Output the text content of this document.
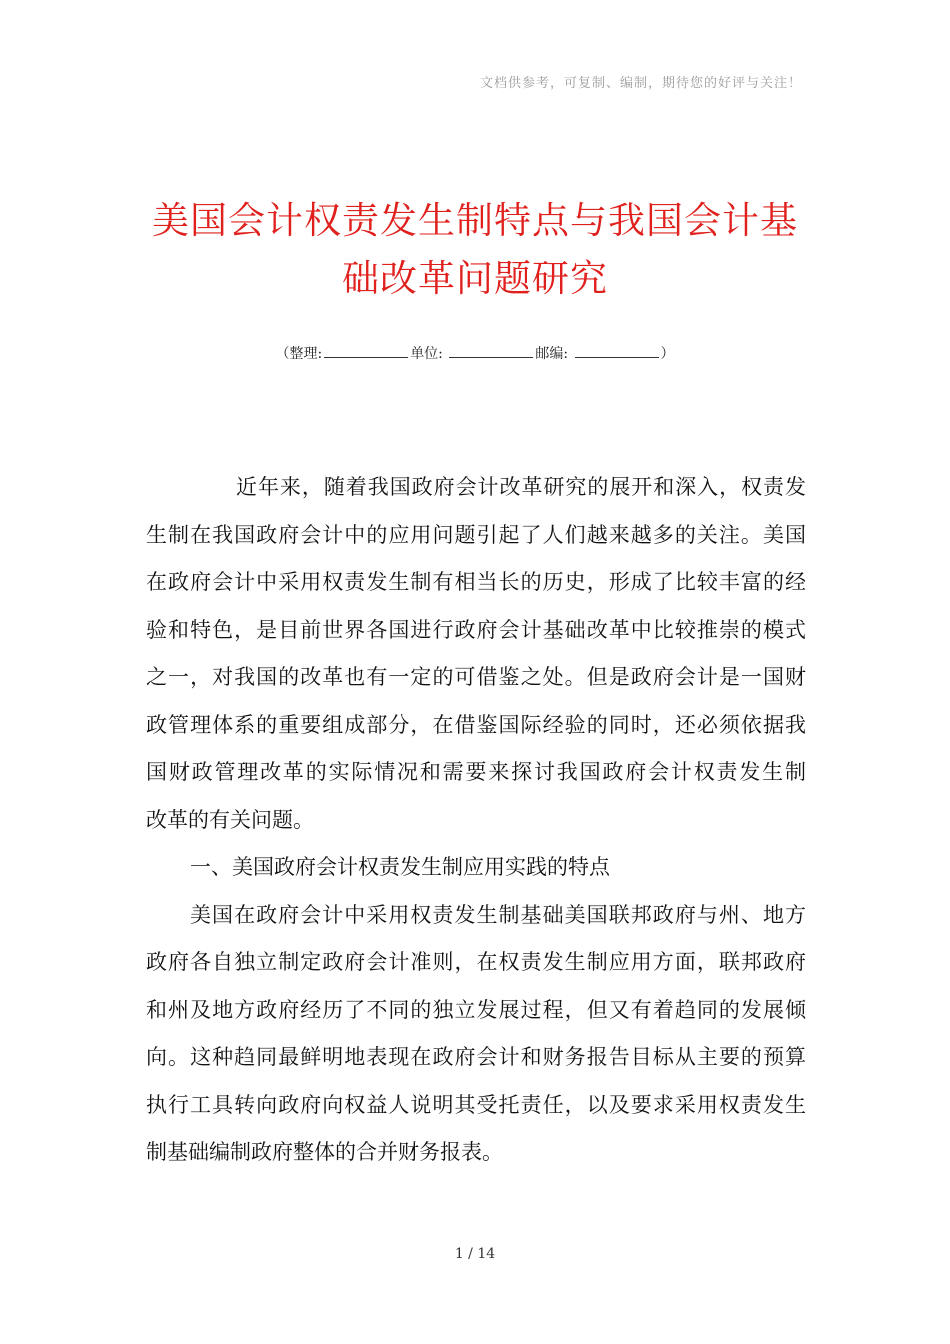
文档供参考，可复制、编制，期待您的好评与关注！
美国会计权责发生制特点与我国会计基
础改革问题研究
（整理:	单位:	邮编:	）
近年来，随着我国政府会计改革研究的展开和深入，权责发
生制在我国政府会计中的应用问题引起了人们越来越多的关注。美国
在政府会计中采用权责发生制有相当长的历史，形成了比较丰富的经
验和特色，是目前世界各国进行政府会计基础改革中比较推崇的模式
之一，对我国的改革也有一定的可借鉴之处。但是政府会计是一国财
政管理体系的重要组成部分，在借鉴国际经验的同时，还必须依据我
国财政管理改革的实际情况和需要来探讨我国政府会计权责发生制
改革的有关问题。
一、美国政府会计权责发生制应用实践的特点
美国在政府会计中采用权责发生制基础美国联邦政府与州、地方
政府各自独立制定政府会计准则，在权责发生制应用方面，联邦政府
和州及地方政府经历了不同的独立发展过程，但又有着趋同的发展倾
向。这种趋同最鲜明地表现在政府会计和财务报告目标从主要的预算
执行工具转向政府向权益人说明其受托责任，以及要求采用权责发生
制基础编制政府整体的合并财务报表。
1 / 14
